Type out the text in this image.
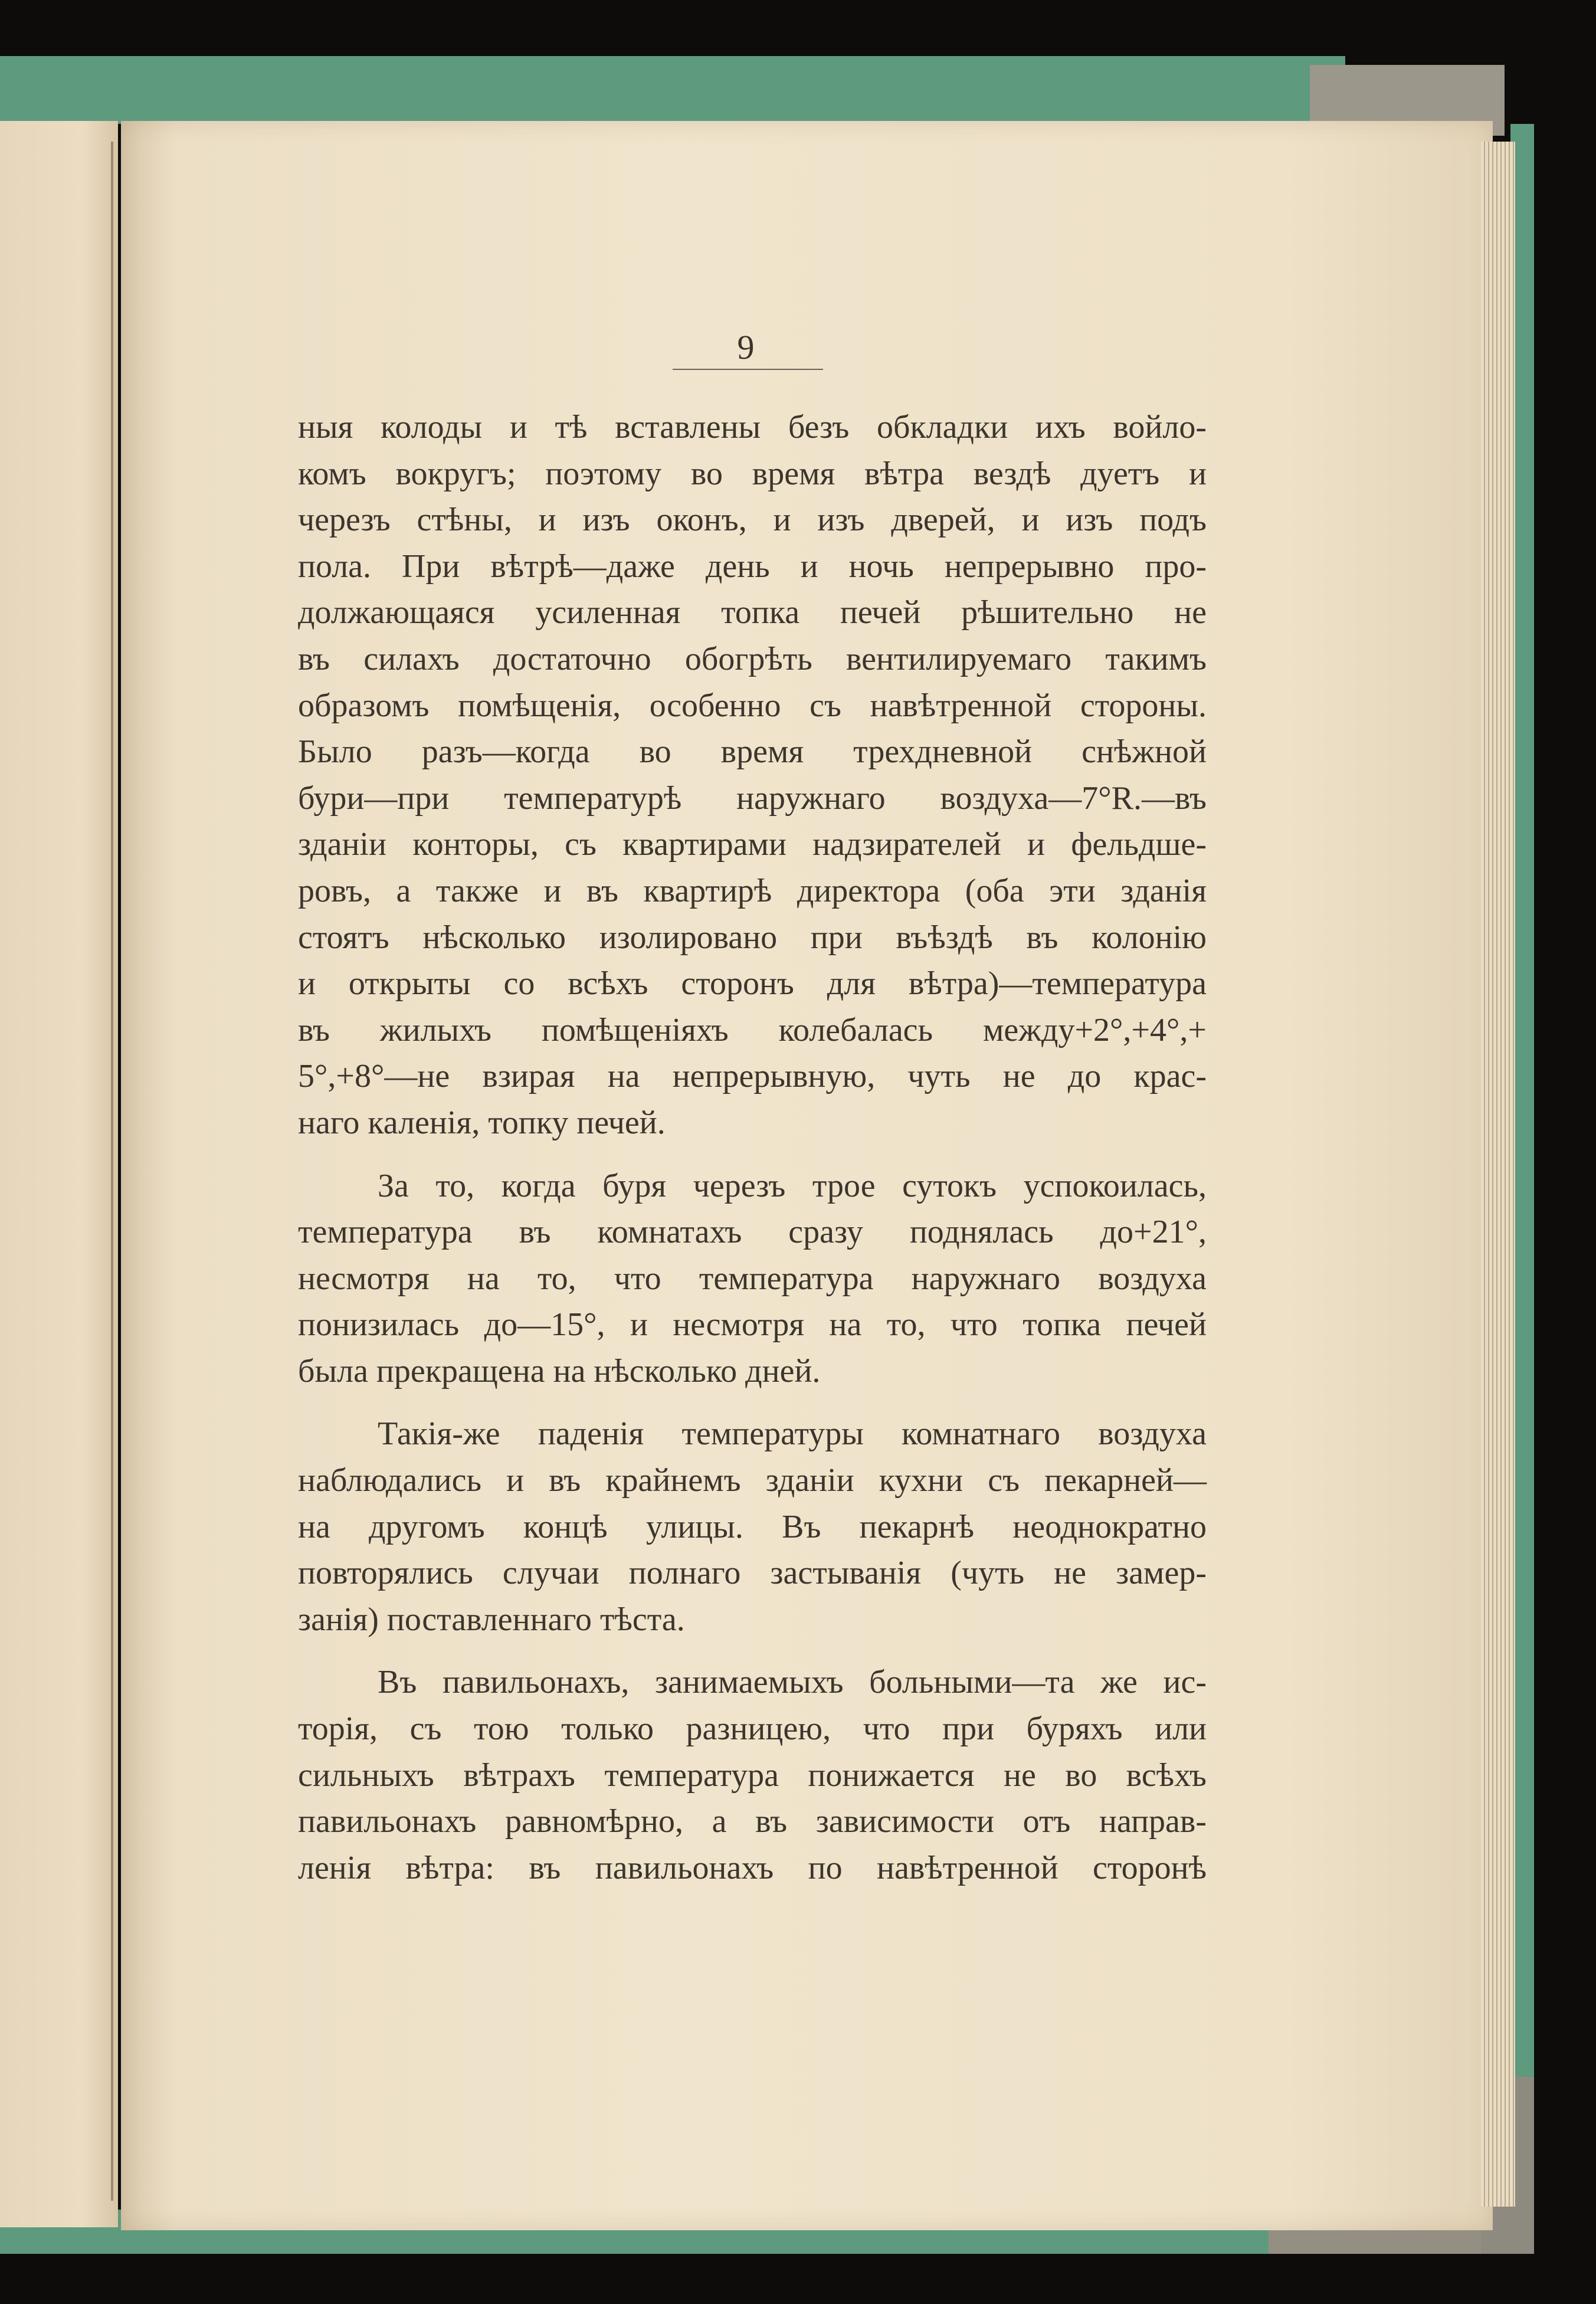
9
ныя колоды и тѣ вставлены безъ обкладки ихъ войло-
комъ вокругъ; поэтому во время вѣтра вездѣ дуетъ и
черезъ стѣны, и изъ оконъ, и изъ дверей, и изъ подъ
пола. При вѣтрѣ—даже день и ночь непрерывно про-
должающаяся усиленная топка печей рѣшительно не
въ силахъ достаточно обогрѣть вентилируемаго такимъ
образомъ помѣщенія, особенно съ навѣтренной стороны.
Было разъ—когда во время трехдневной снѣжной
бури—при температурѣ наружнаго воздуха—7°R.—въ
зданіи конторы, съ квартирами надзирателей и фельдше-
ровъ, а также и въ квартирѣ директора (оба эти зданія
стоятъ нѣсколько изолировано при въѣздѣ въ колонію
и открыты со всѣхъ сторонъ для вѣтра)—температура
въ жилыхъ помѣщеніяхъ колебалась между+2°,+4°,+
5°,+8°—не взирая на непрерывную, чуть не до крас-
наго каленія, топку печей.
За то, когда буря черезъ трое сутокъ успокоилась,
температура въ комнатахъ сразу поднялась до+21°,
несмотря на то, что температура наружнаго воздуха
понизилась до—15°, и несмотря на то, что топка печей
была прекращена на нѣсколько дней.
Такія-же паденія температуры комнатнаго воздуха
наблюдались и въ крайнемъ зданіи кухни съ пекарней—
на другомъ концѣ улицы. Въ пекарнѣ неоднократно
повторялись случаи полнаго застыванія (чуть не замер-
занія) поставленнаго тѣста.
Въ павильонахъ, занимаемыхъ больными—та же ис-
торія, съ тою только разницею, что при буряхъ или
сильныхъ вѣтрахъ температура понижается не во всѣхъ
павильонахъ равномѣрно, а въ зависимости отъ направ-
ленія вѣтра: въ павильонахъ по навѣтренной сторонѣ
